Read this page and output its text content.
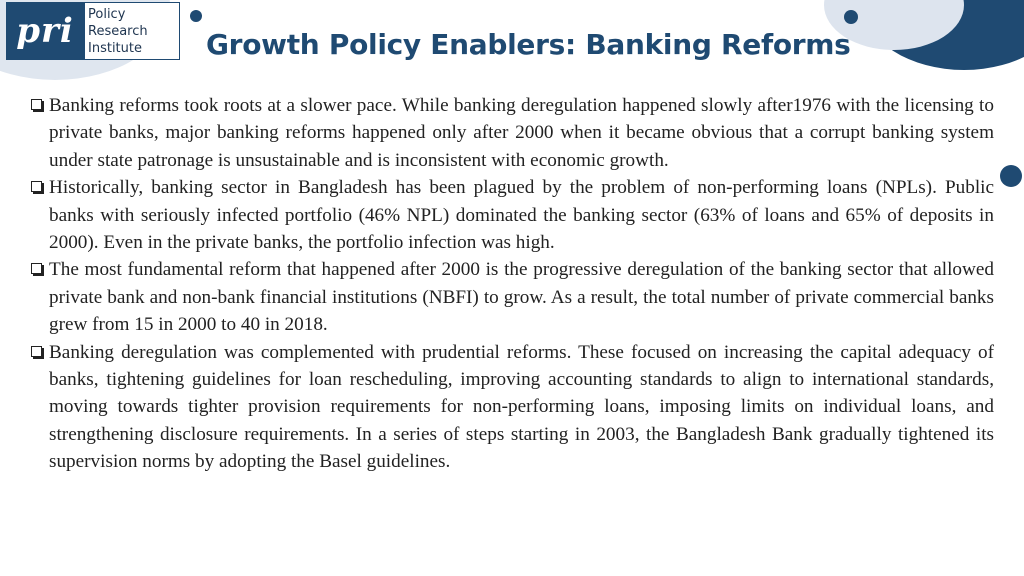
pri	Policy
Research
Institute	Growth Policy Enablers: Banking Reforms
Banking reforms took roots at a slower pace. While banking deregulation happened slowly after1976 with the licensing to private banks, major banking reforms happened only after 2000 when it became obvious that a corrupt banking system under state patronage is unsustainable and is inconsistent with economic growth.
Historically, banking sector in Bangladesh has been plagued by the problem of non-performing loans (NPLs). Public banks with seriously infected portfolio (46% NPL) dominated the banking sector (63% of loans and 65% of deposits in 2000). Even in the private banks, the portfolio infection was high.
The most fundamental reform that happened after 2000 is the progressive deregulation of the banking sector that allowed private bank and non-bank financial institutions (NBFI) to grow. As a result, the total number of private commercial banks grew from 15 in 2000 to 40 in 2018.
Banking deregulation was complemented with prudential reforms. These focused on increasing the capital adequacy of banks, tightening guidelines for loan rescheduling, improving accounting standards to align to international standards, moving towards tighter provision requirements for non-performing loans, imposing limits on individual loans, and strengthening disclosure requirements. In a series of steps starting in 2003, the Bangladesh Bank gradually tightened its supervision norms by adopting the Basel guidelines.
